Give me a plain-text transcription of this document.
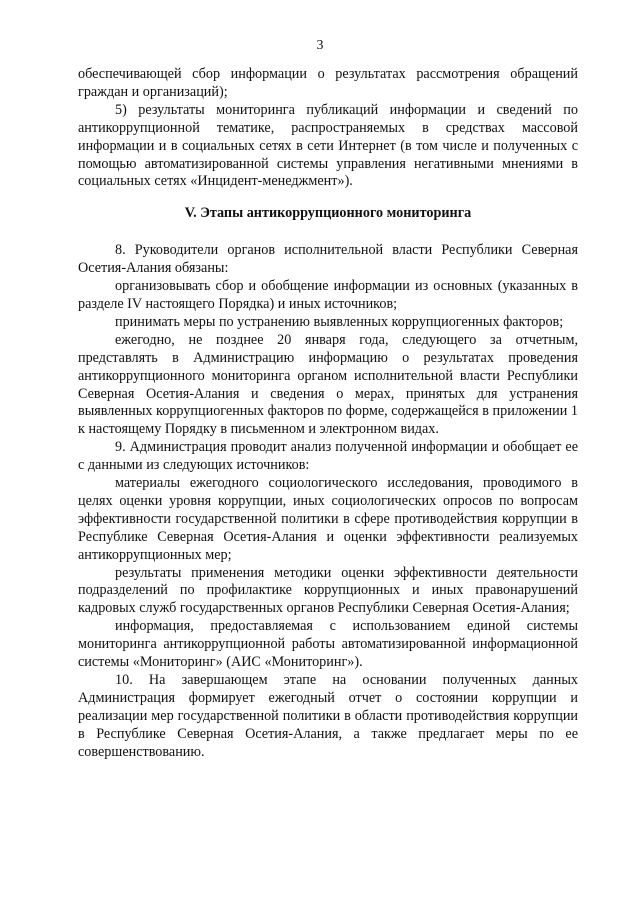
3

обеспечивающей сбор информации о результатах рассмотрения обращений граждан и организаций);

5) результаты мониторинга публикаций информации и сведений по антикоррупционной тематике, распространяемых в средствах массовой информации и в социальных сетях в сети Интернет (в том числе и полученных с помощью автоматизированной системы управления негативными мнениями в социальных сетях «Инцидент-менеджмент»).

V. Этапы антикоррупционного мониторинга

8. Руководители органов исполнительной власти Республики Северная Осетия-Алания обязаны:

организовывать сбор и обобщение информации из основных (указанных в разделе IV настоящего Порядка) и иных источников;

принимать меры по устранению выявленных коррупциогенных факторов;

ежегодно, не позднее 20 января года, следующего за отчетным, представлять в Администрацию информацию о результатах проведения антикоррупционного мониторинга органом исполнительной власти Республики Северная Осетия-Алания и сведения о мерах, принятых для устранения выявленных коррупциогенных факторов по форме, содержащейся в приложении 1 к настоящему Порядку в письменном и электронном видах.

9. Администрация проводит анализ полученной информации и обобщает ее с данными из следующих источников:

материалы ежегодного социологического исследования, проводимого в целях оценки уровня коррупции, иных социологических опросов по вопросам эффективности государственной политики в сфере противодействия коррупции в Республике Северная Осетия-Алания и оценки эффективности реализуемых антикоррупционных мер;

результаты применения методики оценки эффективности деятельности подразделений по профилактике коррупционных и иных правонарушений кадровых служб государственных органов Республики Северная Осетия-Алания;

информация, предоставляемая с использованием единой системы мониторинга антикоррупционной работы автоматизированной информационной системы «Мониторинг» (АИС «Мониторинг»).

10. На завершающем этапе на основании полученных данных Администрация формирует ежегодный отчет о состоянии коррупции и реализации мер государственной политики в области противодействия коррупции в Республике Северная Осетия-Алания, а также предлагает меры по ее совершенствованию.
